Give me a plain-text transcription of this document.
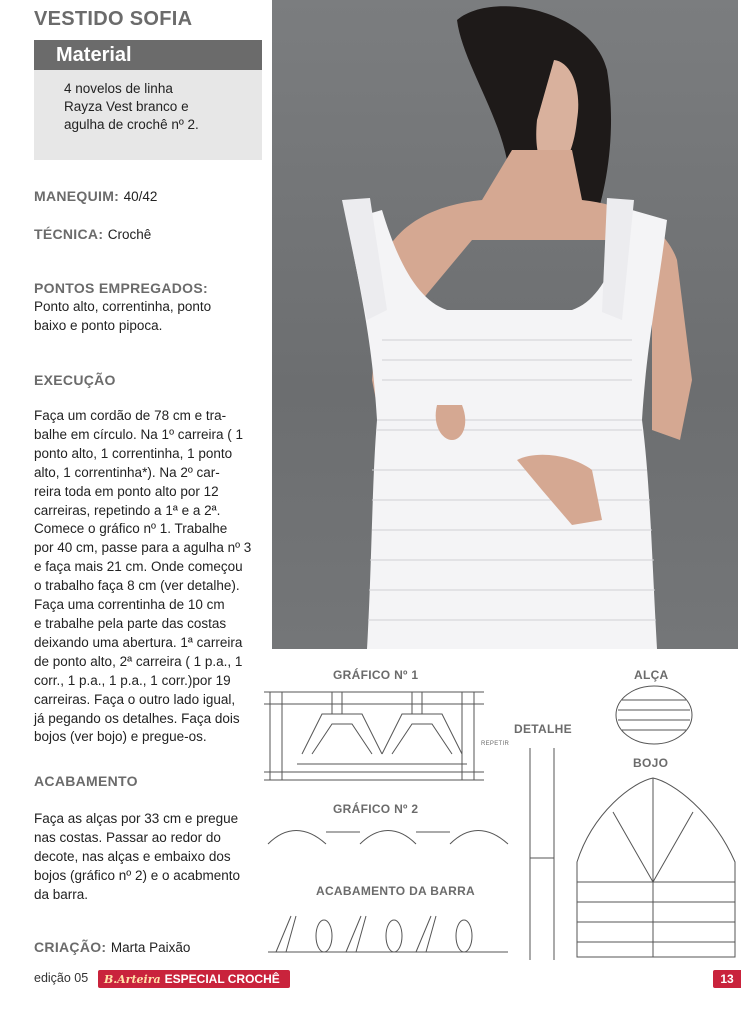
VESTIDO SOFIA
Material
4 novelos de linha
Rayza Vest branco e
agulha de crochê nº 2.
MANEQUIM: 40/42
TÉCNICA: Crochê
PONTOS EMPREGADOS:
Ponto alto, correntinha, ponto
baixo e ponto pipoca.
EXECUÇÃO
Faça um cordão de 78 cm e tra-
balhe em círculo. Na 1º carreira ( 1
ponto alto, 1 correntinha, 1 ponto
alto, 1 correntinha*). Na 2º car-
reira toda em ponto alto por 12
carreiras, repetindo a 1ª e a 2ª.
Comece o gráfico nº 1. Trabalhe
por 40 cm, passe para a agulha nº 3
e faça mais 21 cm. Onde começou
o trabalho faça 8 cm (ver detalhe).
Faça uma correntinha de 10 cm
e trabalhe pela parte das costas
deixando uma abertura. 1ª carreira
de ponto alto, 2ª carreira ( 1 p.a., 1
corr., 1 p.a., 1 p.a., 1 corr.)por 19
carreiras. Faça o outro lado igual,
já pegando os detalhes. Faça dois
bojos (ver bojo) e pregue-os.
ACABAMENTO
Faça as alças por 33 cm e pregue
nas costas. Passar ao redor do
decote, nas alças e embaixo dos
bojos (gráfico nº 2) e o acabmento
da barra.
CRIAÇÃO: Marta Paixão
GRÁFICO Nº 1	ALÇA
DETALHE
BOJO
GRÁFICO Nº 2
ACABAMENTO DA BARRA
REPETIR
edição 05	B.Arteira ESPECIAL CROCHÊ	13
